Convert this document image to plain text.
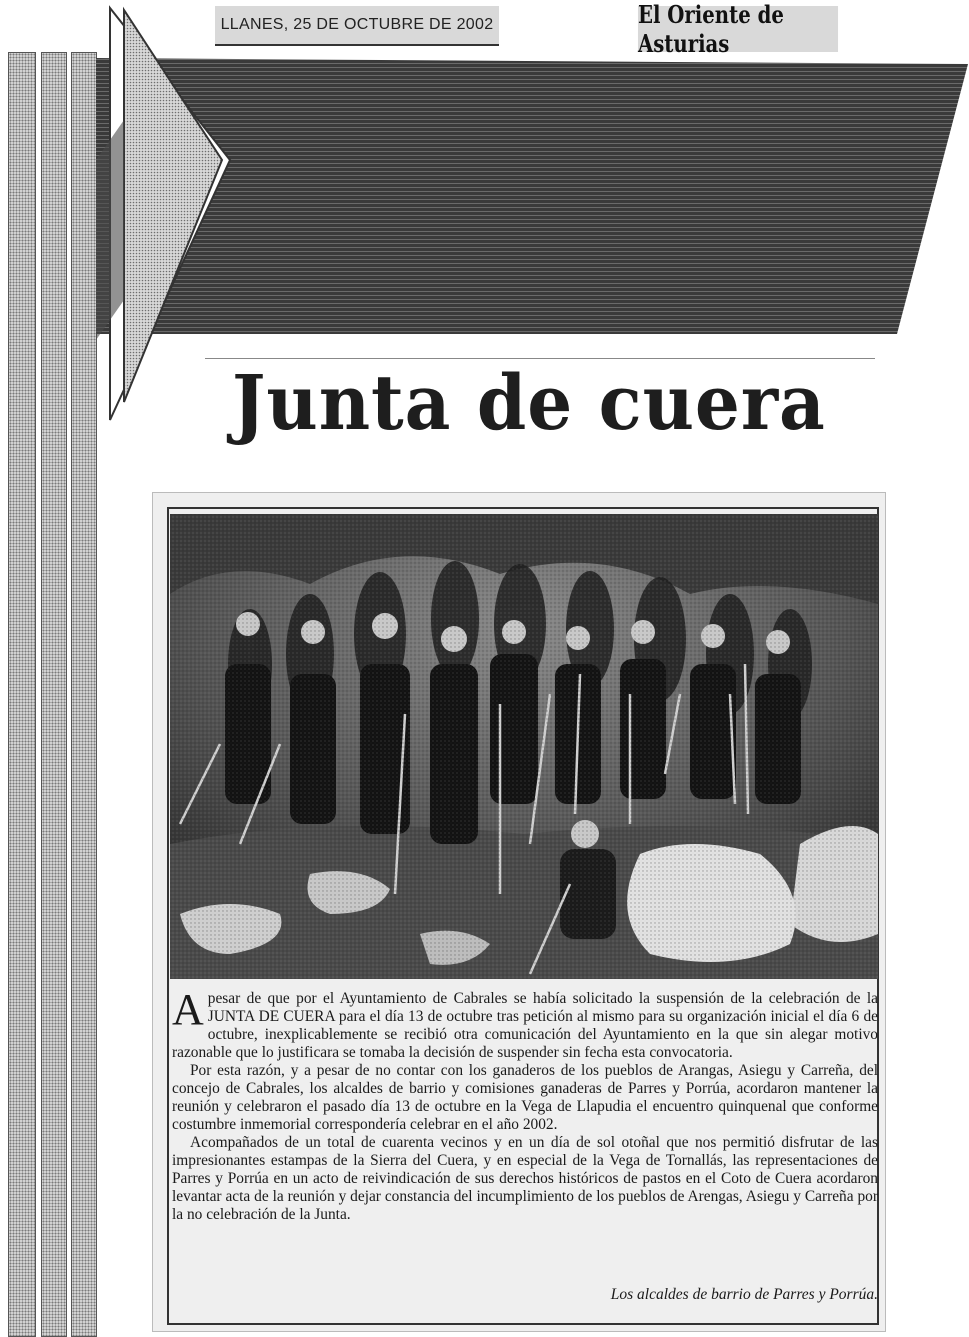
LLANES, 25 DE OCTUBRE DE 2002	El Oriente de Asturias
Junta de cuera

Apesar de que por el Ayuntamiento de Cabrales se había solicitado la suspensión de la celebración de la JUNTA DE CUERA para el día 13 de octubre tras petición al mismo para su organización inicial el día 6 de octubre, inexplicablemente se recibió otra comunicación del Ayuntamiento en la que sin alegar motivo razonable que lo justificara se tomaba la decisión de suspender sin fecha esta convocatoria.

Por esta razón, y a pesar de no contar con los ganaderos de los pueblos de Arangas, Asiegu y Carreña, del concejo de Cabrales, los alcaldes de barrio y comisiones ganaderas de Parres y Porrúa, acordaron mantener la reunión y celebraron el pasado día 13 de octubre en la Vega de Llapudia el encuentro quinquenal que conforme costumbre inmemorial correspondería celebrar en el año 2002.

Acompañados de un total de cuarenta vecinos y en un día de sol otoñal que nos permitió disfrutar de las impresionantes estampas de la Sierra del Cuera, y en especial de la Vega de Tornallás, las representaciones de Parres y Porrúa en un acto de reivindicación de sus derechos históricos de pastos en el Coto de Cuera acordaron levantar acta de la reunión y dejar constancia del incumplimiento de los pueblos de Arengas, Asiegu y Carreña por la no celebración de la Junta.

Los alcaldes de barrio de Parres y Porrúa.
